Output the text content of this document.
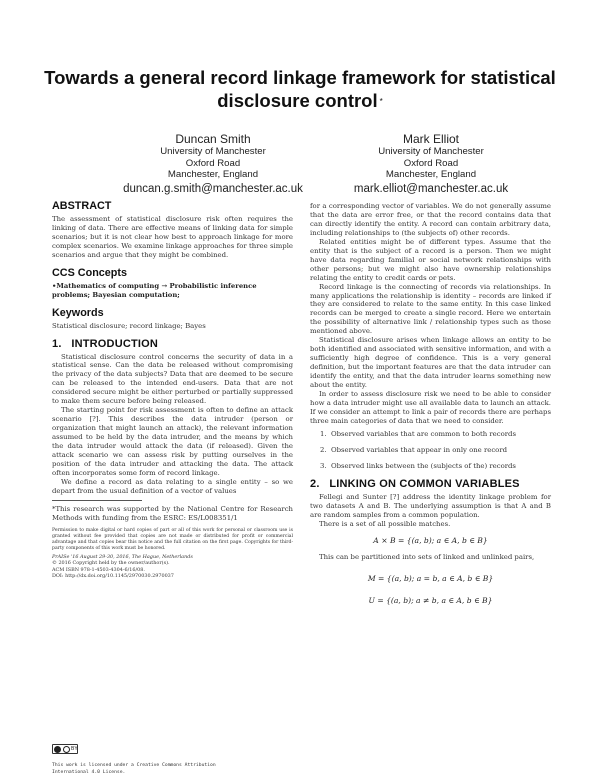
Towards a general record linkage framework for statistical
disclosure control *
Duncan Smith
University of Manchester
Oxford Road
Manchester, England
duncan.g.smith@manchester.ac.uk
Mark Elliot
University of Manchester
Oxford Road
Manchester, England
mark.elliot@manchester.ac.uk
ABSTRACT

The assessment of statistical disclosure risk often requires the linking of data. There are effective means of linking data for simple scenarios; but it is not clear how best to approach linkage for more complex scenarios. We examine linkage approaches for three simple scenarios and argue that they might be combined.

CCS Concepts

•Mathematics of computing → Probabilistic inference problems; Bayesian computation;

Keywords

Statistical disclosure; record linkage; Bayes

1.   INTRODUCTION

Statistical disclosure control concerns the security of data in a statistical sense. Can the data be released without compromising the privacy of the data subjects? Data that are deemed to be secure can be released to the intended end-users. Data that are not considered secure might be either perturbed or partially suppressed to make them secure before being released.

The starting point for risk assessment is often to define an attack scenario [?]. This describes the data intruder (person or organization that might launch an attack), the relevant information assumed to be held by the data intruder, and the means by which the data intruder would attack the data (if released). Given the attack scenario we can assess risk by putting ourselves in the position of the data intruder and attacking the data. The attack often incorporates some form of record linkage.

We define a record as data relating to a single entity – so we depart from the usual definition of a vector of values

*This research was supported by the National Centre for Research Methods with funding from the ESRC: ES/L008351/1

Permission to make digital or hard copies of part or all of this work for personal or classroom use is granted without fee provided that copies are not made or distributed for profit or commercial advantage and that copies bear this notice and the full citation on the first page. Copyrights for third-party components of this work must be honored.

PrAISe '16 August 29-30, 2016, The Hague, Netherlands
© 2016 Copyright held by the owner/author(s).
ACM ISBN 978-1-4503-4304-6/16/08.
DOI: http://dx.doi.org/10.1145/2970030.2970037
BY
This work is licensed under a Creative Commons Attribution
International 4.0 License.

for a corresponding vector of variables. We do not generally assume that the data are error free, or that the record contains data that can directly identify the entity. A record can contain arbitrary data, including relationships to (the subjects of) other records.

Related entities might be of different types. Assume that the entity that is the subject of a record is a person. Then we might have data regarding familial or social network relationships with other persons; but we might also have ownership relationships relating the entity to credit cards or pets.

Record linkage is the connecting of records via relationships. In many applications the relationship is identity – records are linked if they are considered to relate to the same entity. In this case linked records can be merged to create a single record. Here we entertain the possibility of alternative link / relationship types such as those mentioned above.

Statistical disclosure arises when linkage allows an entity to be both identified and associated with sensitive information, and with a sufficiently high degree of confidence. This is a very general definition, but the important features are that the data intruder can identify the entity, and that the data intruder learns something new about the entity.

In order to assess disclosure risk we need to be able to consider how a data intruder might use all available data to launch an attack. If we consider an attempt to link a pair of records there are perhaps three main categories of data that we need to consider.

1.  Observed variables that are common to both records
2.  Observed variables that appear in only one record
3.  Observed links between the (subjects of the) records
2.   LINKING ON COMMON VARIABLES

Fellegi and Sunter [?] address the identity linkage problem for two datasets A and B. The underlying assumption is that A and B are random samples from a common population.

There is a set of all possible matches.

A × B = {(a, b); a ∈ A, b ∈ B}

This can be partitioned into sets of linked and unlinked pairs,

M = {(a, b); a = b, a ∈ A, b ∈ B}
U = {(a, b); a ≠ b, a ∈ A, b ∈ B}
